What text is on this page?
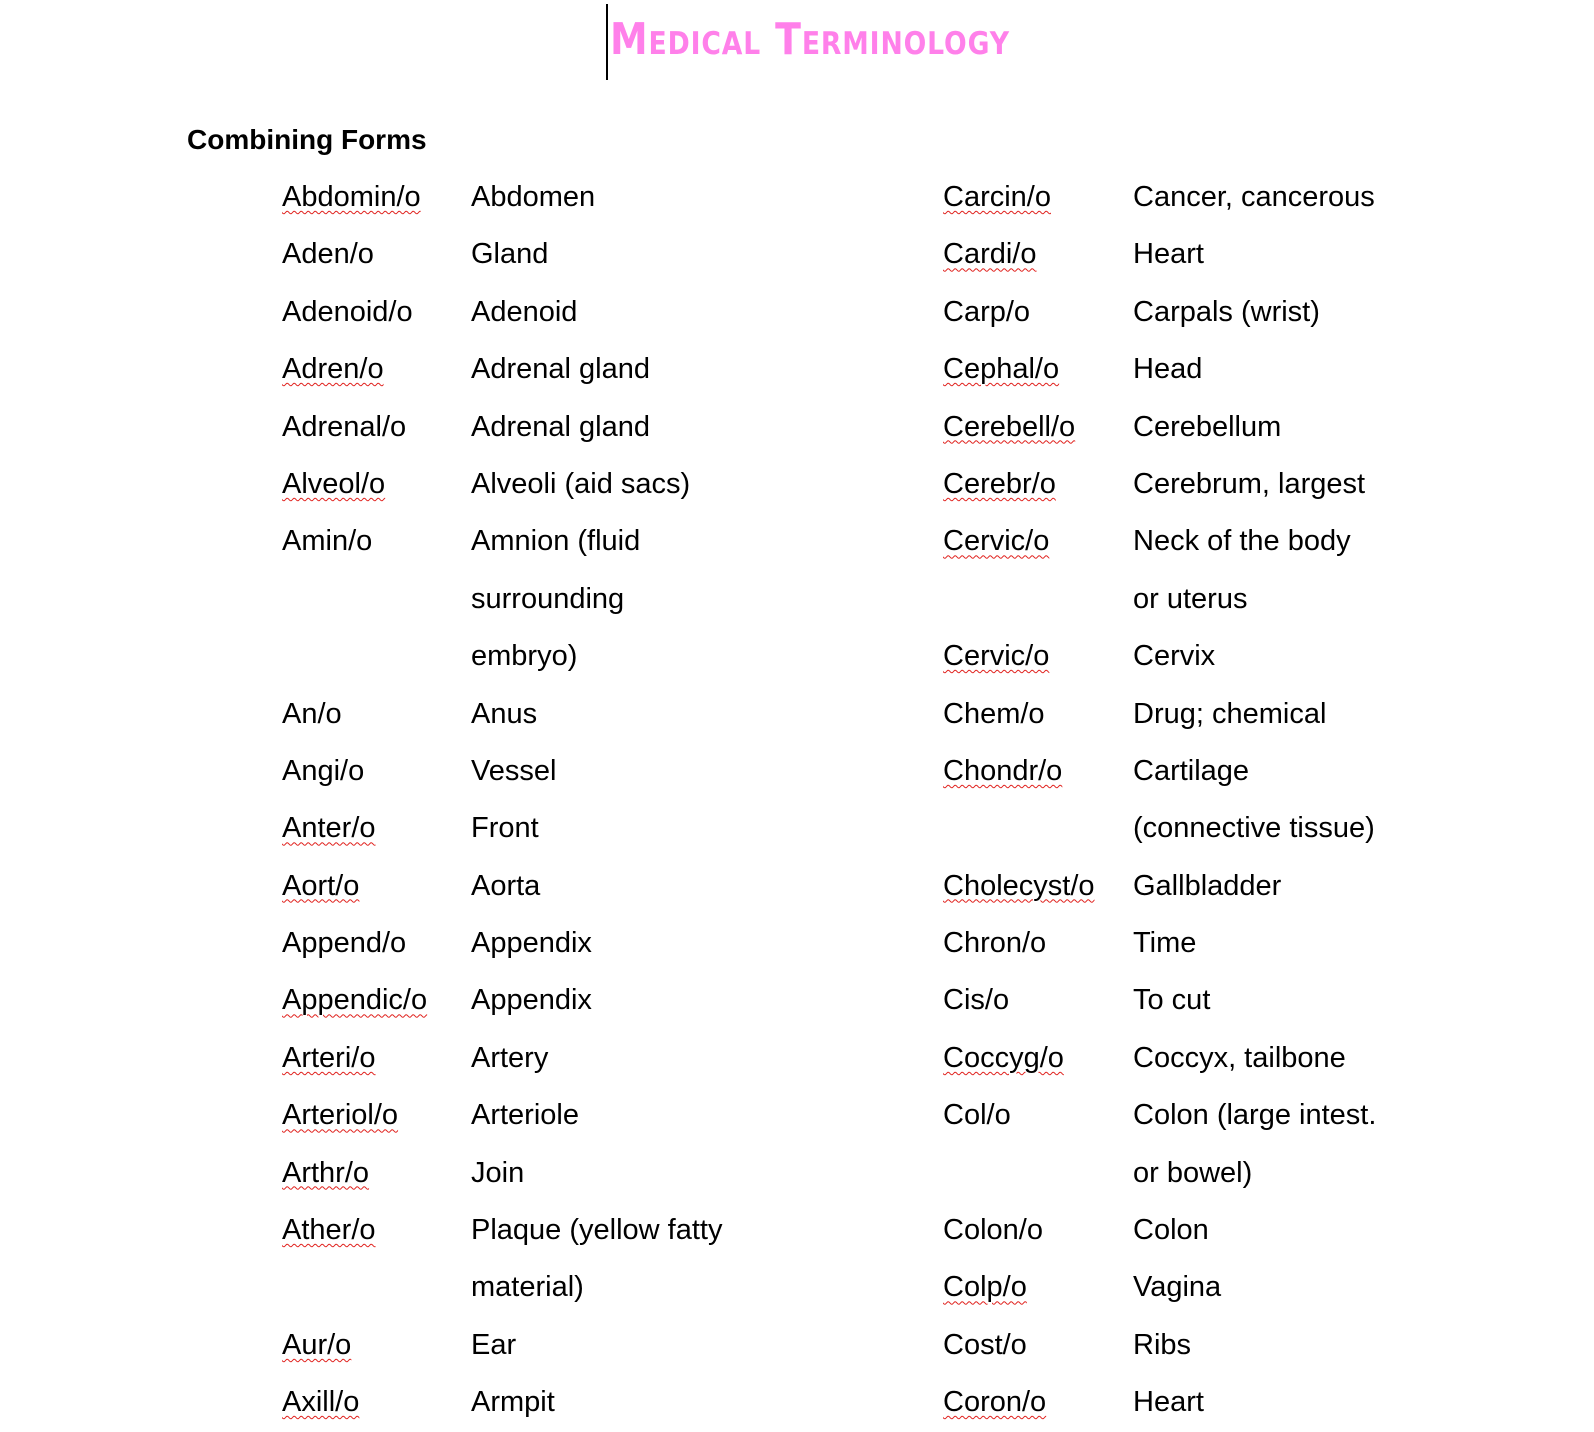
Medical Terminology
Combining Forms
Abdomin/o Abdomen
Aden/o	Gland
Adenoid/o Adenoid
Adren/o	Adrenal gland
Adrenal/o Adrenal gland
Alveol/o	Alveoli (aid sacs)
Amin/o	Amnion (fluid
surrounding
embryo)
An/o	Anus
Angi/o	Vessel
Anter/o	Front
Aort/o	Aorta
Append/o Appendix
Appendic/o Appendix
Arteri/o	Artery
Arteriol/o	Arteriole
Arthr/o	Join
Ather/o	Plaque (yellow fatty
material)
Aur/o	Ear
Axill/o	Armpit
Carcin/o	Cancer, cancerous
Cardi/o	Heart
Carp/o	Carpals (wrist)
Cephal/o	Head
Cerebell/o Cerebellum
Cerebr/o	Cerebrum, largest
Cervic/o	Neck of the body
or uterus
Cervic/o	Cervix
Chem/o	Drug; chemical
Chondr/o Cartilage
(connective tissue)
Cholecyst/o Gallbladder
Chron/o	Time
Cis/o	To cut
Coccyg/o Coccyx, tailbone
Col/o	Colon (large intest.
or bowel)
Colon/o	Colon
Colp/o	Vagina
Cost/o	Ribs
Coron/o	Heart
